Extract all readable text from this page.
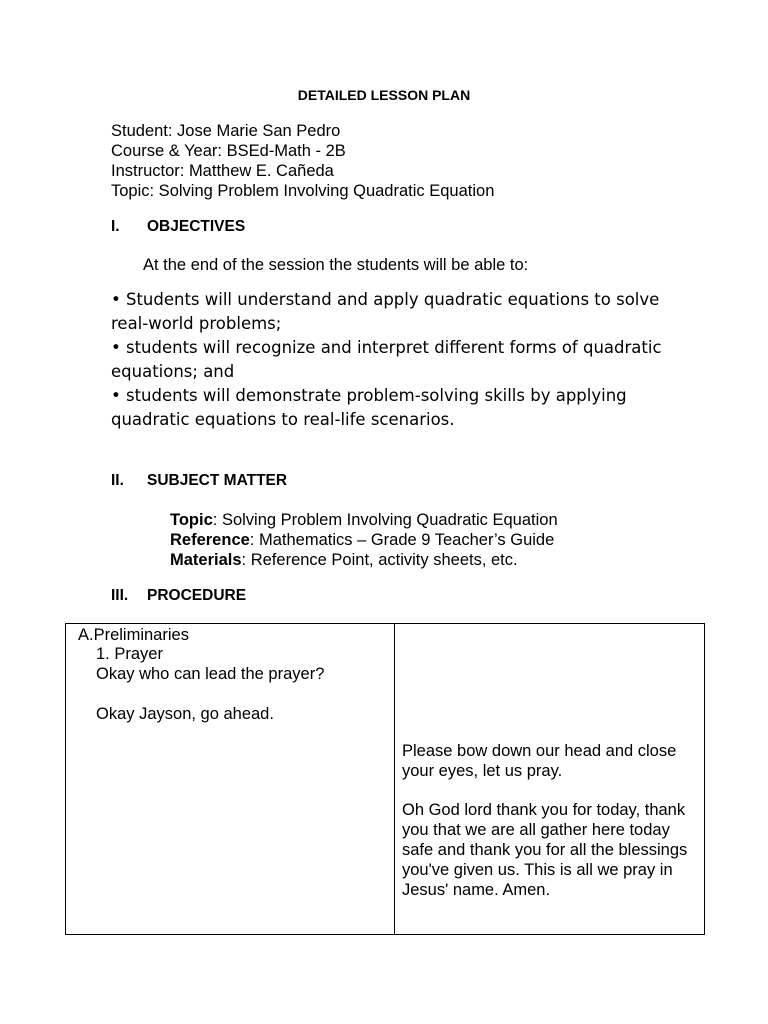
DETAILED LESSON PLAN
Student: Jose Marie San Pedro
Course & Year: BSEd-Math - 2B
Instructor: Matthew E. Cañeda
Topic: Solving Problem Involving Quadratic Equation
I. OBJECTIVES
At the end of the session the students will be able to:
• Students will understand and apply quadratic equations to solve real-world problems;
• students will recognize and interpret different forms of quadratic equations; and
• students will demonstrate problem-solving skills by applying quadratic equations to real-life scenarios.
II. SUBJECT MATTER
Topic: Solving Problem Involving Quadratic Equation
Reference: Mathematics – Grade 9 Teacher’s Guide
Materials: Reference Point, activity sheets, etc.
III. PROCEDURE
A.Preliminaries
1. Prayer
Okay who can lead the prayer?
Okay Jayson, go ahead.
Please bow down our head and close your eyes, let us pray.
Oh God lord thank you for today, thank you that we are all gather here today safe and thank you for all the blessings you've given us. This is all we pray in Jesus' name. Amen.
